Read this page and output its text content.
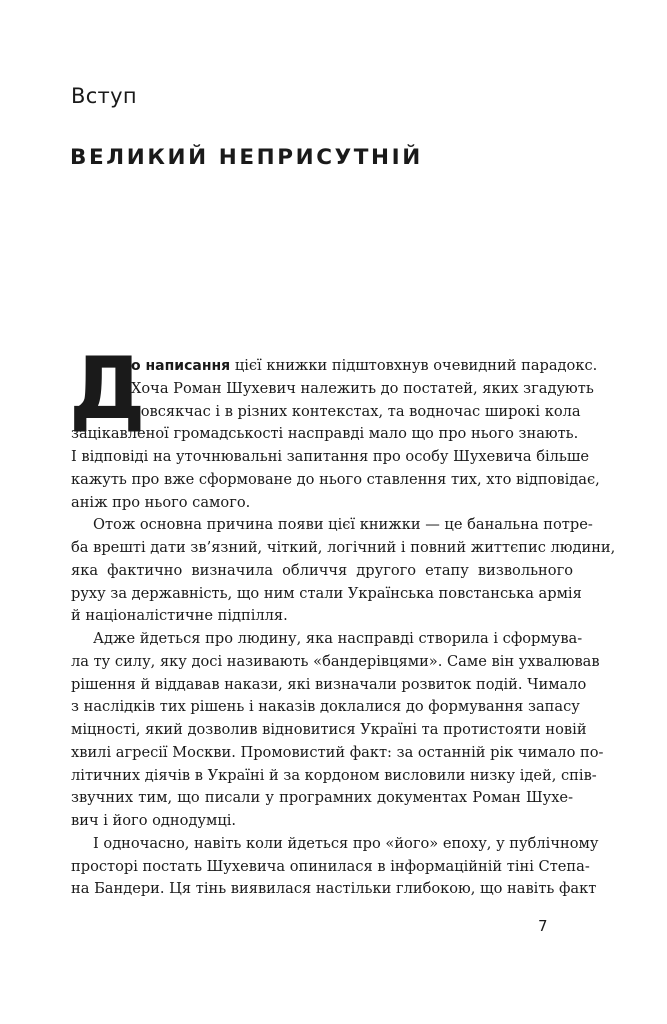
Вступ
ВЕЛИКИЙ НЕПРИСУТНІЙ
Д
о написання цієї книжки підштовхнув очевидний парадокс.
Хоча Роман Шухевич належить до постатей, яких згадують
повсякчас і в різних контекстах, та водночас широкі кола
зацікавленої громадськості насправді мало що про нього знають.
І відповіді на уточнювальні запитання про особу Шухевича більше
кажуть про вже сформоване до нього ставлення тих, хто відповідає,
аніж про нього самого.
Отож основна причина появи цієї книжки — це банальна потре-
ба врешті дати зв’язний, чіткий, логічний і повний життєпис людини,
яка фактично визначила обличчя другого етапу визвольного
руху за державність, що ним стали Українська повстанська армія
й націоналістичне підпілля.
Адже йдеться про людину, яка насправді створила і сформува-
ла ту силу, яку досі називають «бандерівцями». Саме він ухвалював
рішення й віддавав накази, які визначали розвиток подій. Чимало
з наслідків тих рішень і наказів доклалися до формування запасу
міцності, який дозволив відновитися Україні та протистояти новій
хвилі агресії Москви. Промовистий факт: за останній рік чимало по-
літичних діячів в Україні й за кордоном висловили низку ідей, спів-
звучних тим, що писали у програмних документах Роман Шухе-
вич і його однодумці.
І одночасно, навіть коли йдеться про «його» епоху, у публічному
просторі постать Шухевича опинилася в інформаційній тіні Степа-
на Бандери. Ця тінь виявилася настільки глибокою, що навіть факт
7
